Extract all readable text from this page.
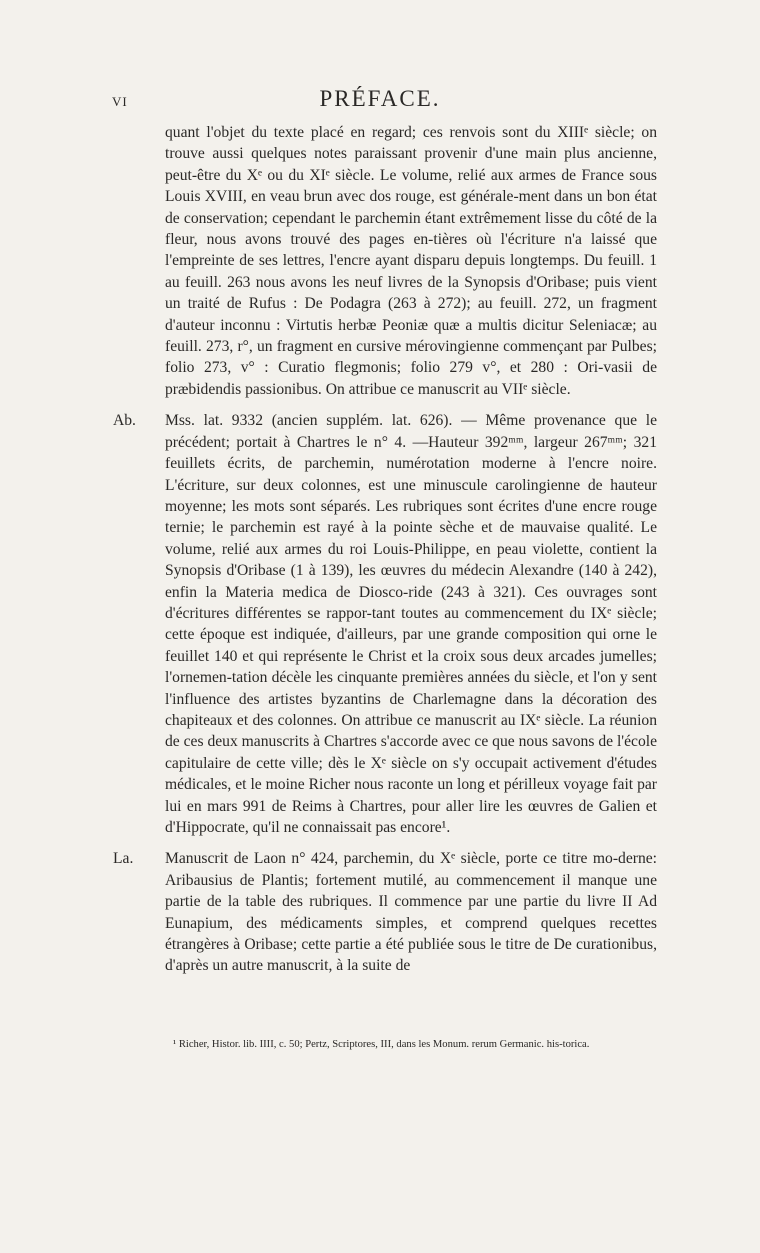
VI	PRÉFACE.

quant l'objet du texte placé en regard; ces renvois sont du XIIIᵉ siècle; on trouve aussi quelques notes paraissant provenir d'une main plus ancienne, peut-être du Xᵉ ou du XIᵉ siècle. Le volume, relié aux armes de France sous Louis XVIII, en veau brun avec dos rouge, est générale-ment dans un bon état de conservation; cependant le parchemin étant extrêmement lisse du côté de la fleur, nous avons trouvé des pages en-tières où l'écriture n'a laissé que l'empreinte de ses lettres, l'encre ayant disparu depuis longtemps. Du feuill. 1 au feuill. 263 nous avons les neuf livres de la Synopsis d'Oribase; puis vient un traité de Rufus : De Podagra (263 à 272); au feuill. 272, un fragment d'auteur inconnu : Virtutis herbæ Peoniæ quæ a multis dicitur Seleniacæ; au feuill. 273, r°, un fragment en cursive mérovingienne commençant par Pulbes; folio 273, v° : Curatio flegmonis; folio 279 v°, et 280 : Ori-vasii de præbidendis passionibus. On attribue ce manuscrit au VIIᵉ siècle.

Ab. Mss. lat. 9332 (ancien supplém. lat. 626). — Même provenance que le précédent; portait à Chartres le n° 4. —Hauteur 392ᵐᵐ, largeur 267ᵐᵐ; 321 feuillets écrits, de parchemin, numérotation moderne à l'encre noire. L'écriture, sur deux colonnes, est une minuscule carolingienne de hauteur moyenne; les mots sont séparés. Les rubriques sont écrites d'une encre rouge ternie; le parchemin est rayé à la pointe sèche et de mauvaise qualité. Le volume, relié aux armes du roi Louis-Philippe, en peau violette, contient la Synopsis d'Oribase (1 à 139), les œuvres du médecin Alexandre (140 à 242), enfin la Materia medica de Diosco-ride (243 à 321). Ces ouvrages sont d'écritures différentes se rappor-tant toutes au commencement du IXᵉ siècle; cette époque est indiquée, d'ailleurs, par une grande composition qui orne le feuillet 140 et qui représente le Christ et la croix sous deux arcades jumelles; l'ornemen-tation décèle les cinquante premières années du siècle, et l'on y sent l'influence des artistes byzantins de Charlemagne dans la décoration des chapiteaux et des colonnes. On attribue ce manuscrit au IXᵉ siècle. La réunion de ces deux manuscrits à Chartres s'accorde avec ce que nous savons de l'école capitulaire de cette ville; dès le Xᵉ siècle on s'y occupait activement d'études médicales, et le moine Richer nous raconte un long et périlleux voyage fait par lui en mars 991 de Reims à Chartres, pour aller lire les œuvres de Galien et d'Hippocrate, qu'il ne connaissait pas encore¹.

La. Manuscrit de Laon n° 424, parchemin, du Xᵉ siècle, porte ce titre mo-derne: Aribausius de Plantis; fortement mutilé, au commencement il manque une partie de la table des rubriques. Il commence par une partie du livre II Ad Eunapium, des médicaments simples, et comprend quelques recettes étrangères à Oribase; cette partie a été publiée sous le titre de De curationibus, d'après un autre manuscrit, à la suite de

¹ Richer, Histor. lib. IIII, c. 50; Pertz, Scriptores, III, dans les Monum. rerum Germanic. his-torica.
